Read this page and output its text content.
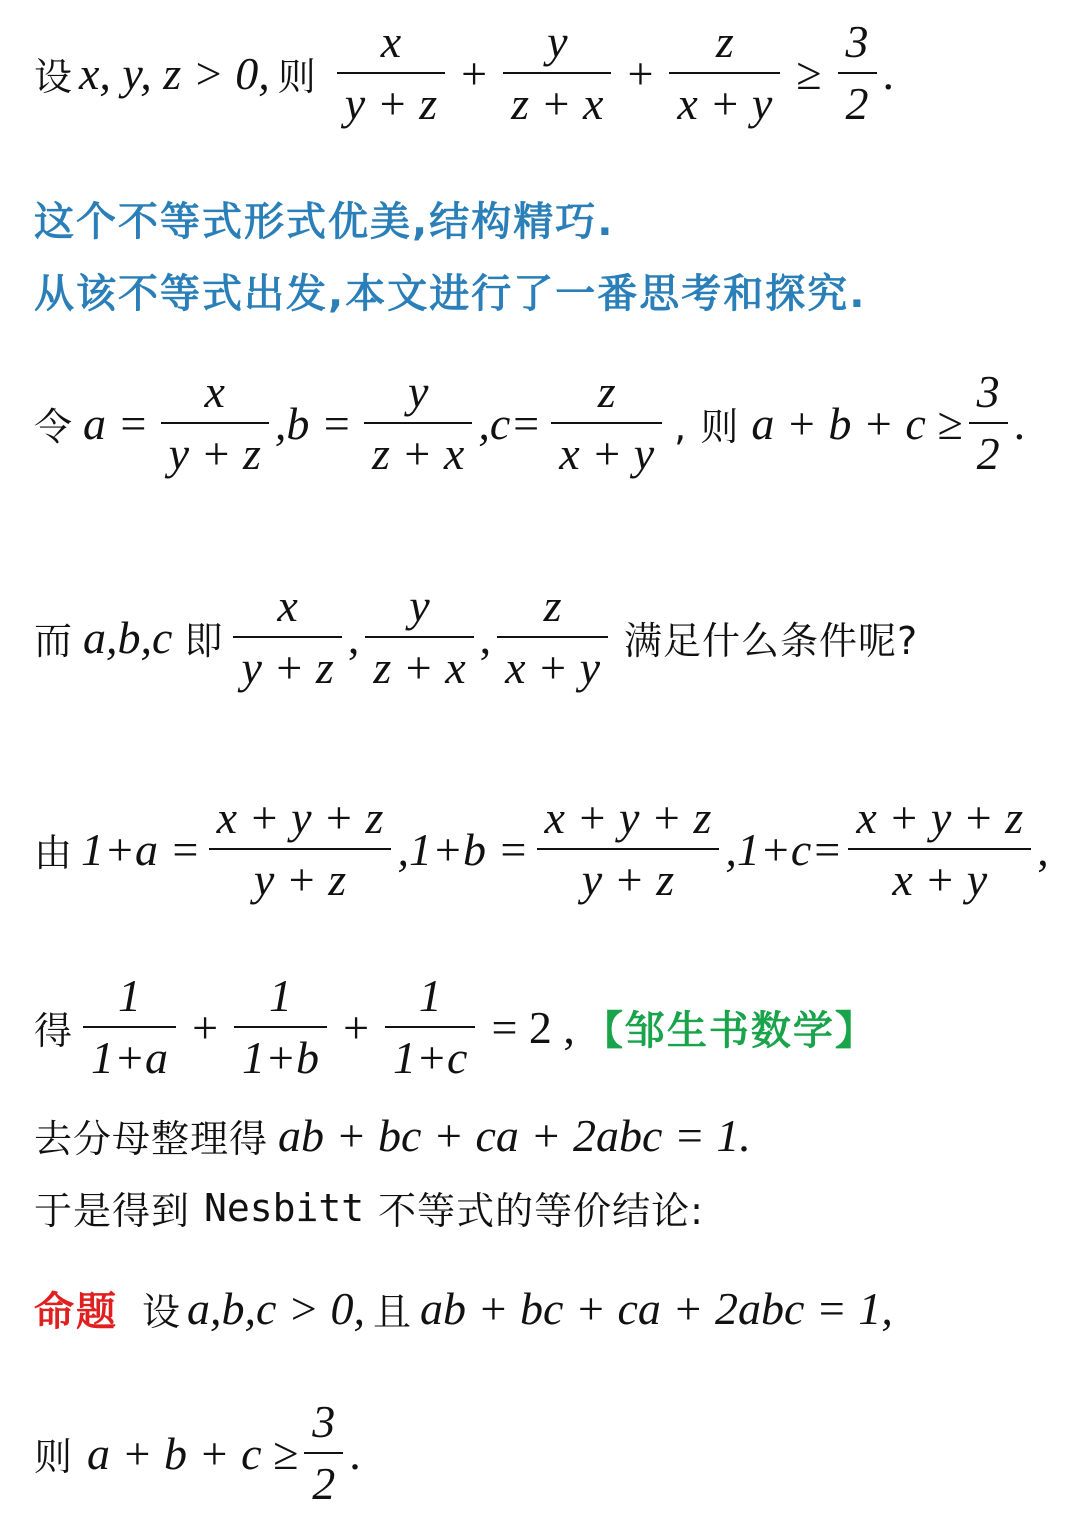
设 x, y, z > 0, 则 $\frac{x}{y + z} + \frac{y}{z + x} + \frac{z}{x + y} \ge \frac{3}{2}$ .
这个不等式形式优美,结构精巧.
从该不等式出发,本文进行了一番思考和探究.
令 $a = \frac{x}{y + z} ,b = \frac{y}{z + x} ,c= \frac{z}{x + y}$ , 则 $a + b + c \ge \frac{3}{2}$ .
而 a,b,c 即 $\frac{x}{y + z}$ , $\frac{y}{z + x}$ , $\frac{z}{x + y}$ 满足什么条件呢?
由 $1+a = \frac{x + y + z}{y + z} ,1+b = \frac{x + y + z}{y + z} ,1+c= \frac{x + y + z}{x + y}$ ,
得 $\frac{1}{1+a} + \frac{1}{1+b} + \frac{1}{1+c} = 2$ , 【邹生书数学】
去分母整理得 ab + bc + ca + 2abc = 1.
于是得到 Nesbitt 不等式的等价结论:
命题 设 a,b,c > 0, 且 ab + bc + ca + 2abc = 1,
则 $a + b + c \ge \frac{3}{2}$ .
